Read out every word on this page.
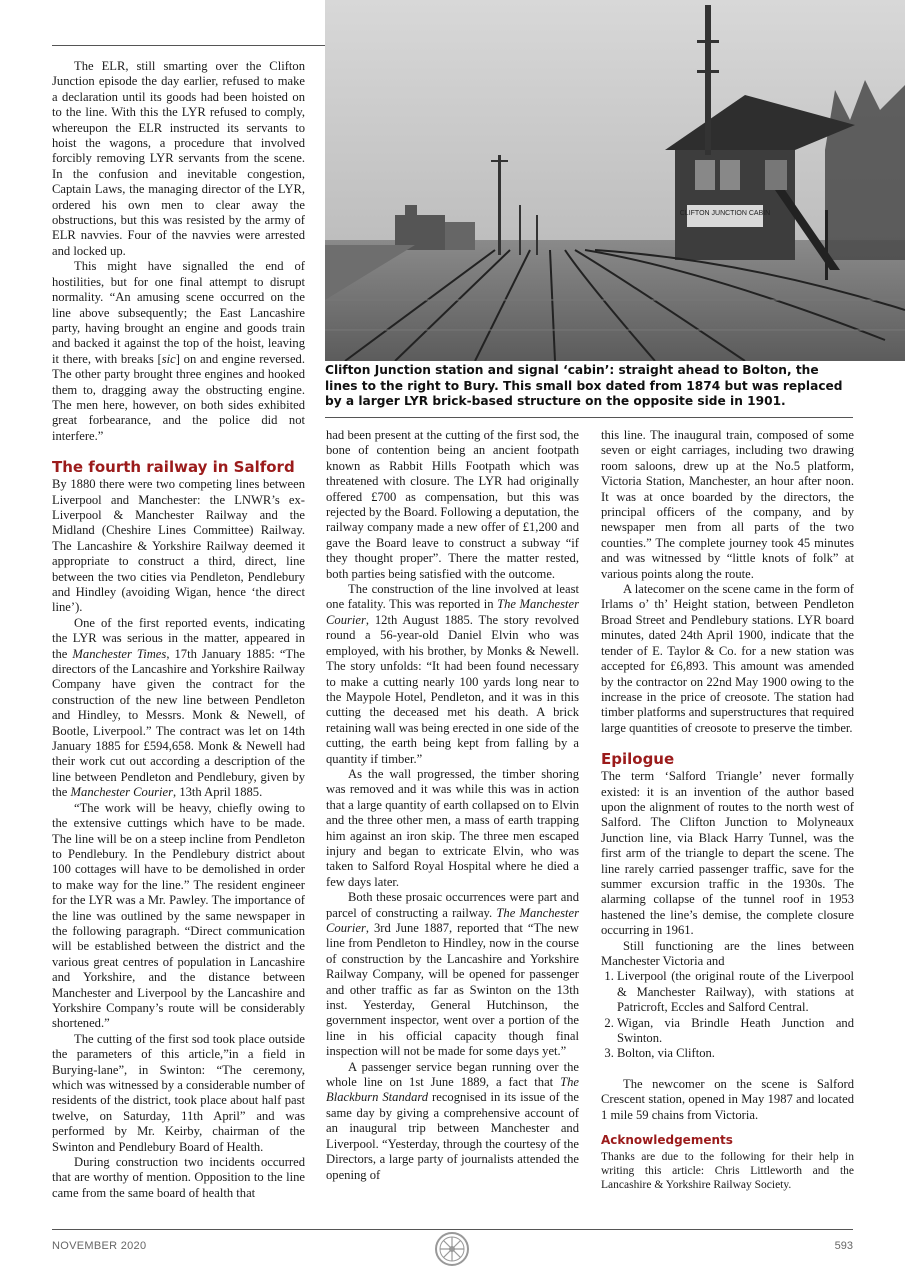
The ELR, still smarting over the Clifton Junction episode the day earlier, refused to make a declaration until its goods had been hoisted on to the line. With this the LYR refused to comply, whereupon the ELR instructed its servants to hoist the wagons, a procedure that involved forcibly removing LYR servants from the scene. In the confusion and inevitable congestion, Captain Laws, the managing director of the LYR, ordered his own men to clear away the obstructions, but this was resisted by the army of ELR navvies. Four of the navvies were arrested and locked up.

This might have signalled the end of hostilities, but for one final attempt to disrupt normality. “An amusing scene occurred on the line above subsequently; the East Lancashire party, having brought an engine and goods train and backed it against the top of the hoist, leaving it there, with breaks [sic] on and engine reversed. The other party brought three engines and hooked them to, dragging away the obstructing engine. The men here, however, on both sides exhibited great forbearance, and the police did not interfere.”

The fourth railway in Salford

By 1880 there were two competing lines between Liverpool and Manchester: the LNWR’s ex-Liverpool & Manchester Railway and the Midland (Cheshire Lines Committee) Railway. The Lancashire & Yorkshire Railway deemed it appropriate to construct a third, direct, line between the two cities via Pendleton, Pendlebury and Hindley (avoiding Wigan, hence ‘the direct line’).

One of the first reported events, indicating the LYR was serious in the matter, appeared in the Manchester Times, 17th January 1885: “The directors of the Lancashire and Yorkshire Railway Company have given the contract for the construction of the new line between Pendleton and Hindley, to Messrs. Monk & Newell, of Bootle, Liverpool.” The contract was let on 14th January 1885 for £594,658. Monk & Newell had their work cut out according a description of the line between Pendleton and Pendlebury, given by the Manchester Courier, 13th April 1885.

“The work will be heavy, chiefly owing to the extensive cuttings which have to be made. The line will be on a steep incline from Pendleton to Pendlebury. In the Pendlebury district about 100 cottages will have to be demolished in order to make way for the line.” The resident engineer for the LYR was a Mr. Pawley. The importance of the line was outlined by the same newspaper in the following paragraph. “Direct communication will be established between the district and the various great centres of population in Lancashire and Yorkshire, and the distance between Manchester and Liverpool by the Lancashire and Yorkshire Company’s route will be considerably shortened.”

The cutting of the first sod took place outside the parameters of this article,”in a field in Burying-lane”, in Swinton: “The ceremony, which was witnessed by a considerable number of residents of the district, took place about half past twelve, on Saturday, 11th April” and was performed by Mr. Keirby, chairman of the Swinton and Pendlebury Board of Health.

During construction two incidents occurred that are worthy of mention. Opposition to the line came from the same board of health that

CLIFTON JUNCTION CABIN
Clifton Junction station and signal ‘cabin’: straight ahead to Bolton, the lines to the right to Bury. This small box dated from 1874 but was replaced by a larger LYR brick-based structure on the opposite side in 1901.

had been present at the cutting of the first sod, the bone of contention being an ancient footpath known as Rabbit Hills Footpath which was threatened with closure. The LYR had originally offered £700 as compensation, but this was rejected by the Board. Following a deputation, the railway company made a new offer of £1,200 and gave the Board leave to construct a subway “if they thought proper”. There the matter rested, both parties being satisfied with the outcome.

The construction of the line involved at least one fatality. This was reported in The Manchester Courier, 12th August 1885. The story revolved round a 56-year-old Daniel Elvin who was employed, with his brother, by Monks & Newell. The story unfolds: “It had been found necessary to make a cutting nearly 100 yards long near to the Maypole Hotel, Pendleton, and it was in this cutting the deceased met his death. A brick retaining wall was being erected in one side of the cutting, the earth being kept from falling by a quantity if timber.”

As the wall progressed, the timber shoring was removed and it was while this was in action that a large quantity of earth collapsed on to Elvin and the three other men, a mass of earth trapping him against an iron skip. The three men escaped injury and began to extricate Elvin, who was taken to Salford Royal Hospital where he died a few days later.

Both these prosaic occurrences were part and parcel of constructing a railway. The Manchester Courier, 3rd June 1887, reported that “The new line from Pendleton to Hindley, now in the course of construction by the Lancashire and Yorkshire Railway Company, will be opened for passenger and other traffic as far as Swinton on the 13th inst. Yesterday, General Hutchinson, the government inspector, went over a portion of the line in his official capacity though final inspection will not be made for some days yet.”

A passenger service began running over the whole line on 1st June 1889, a fact that The Blackburn Standard recognised in its issue of the same day by giving a comprehensive account of an inaugural trip between Manchester and Liverpool. “Yesterday, through the courtesy of the Directors, a large party of journalists attended the opening of

this line. The inaugural train, composed of some seven or eight carriages, including two drawing room saloons, drew up at the No.5 platform, Victoria Station, Manchester, an hour after noon. It was at once boarded by the directors, the principal officers of the company, and by newspaper men from all parts of the two counties.” The complete journey took 45 minutes and was witnessed by “little knots of folk” at various points along the route.

A latecomer on the scene came in the form of Irlams o’ th’ Height station, between Pendleton Broad Street and Pendlebury stations. LYR board minutes, dated 24th April 1900, indicate that the tender of E. Taylor & Co. for a new station was accepted for £6,893. This amount was amended by the contractor on 22nd May 1900 owing to the increase in the price of creosote. The station had timber platforms and superstructures that required large quantities of creosote to preserve the timber.

Epilogue

The term ‘Salford Triangle’ never formally existed: it is an invention of the author based upon the alignment of routes to the north west of Salford. The Clifton Junction to Molyneaux Junction line, via Black Harry Tunnel, was the first arm of the triangle to depart the scene. The line rarely carried passenger traffic, save for the summer excursion traffic in the 1930s. The alarming collapse of the tunnel roof in 1953 hastened the line’s demise, the complete closure occurring in 1961.

Still functioning are the lines between Manchester Victoria and

1. Liverpool (the original route of the Liverpool & Manchester Railway), with stations at Patricroft, Eccles and Salford Central.
2. Wigan, via Brindle Heath Junction and Swinton.
3. Bolton, via Clifton.

The newcomer on the scene is Salford Crescent station, opened in May 1987 and located 1 mile 59 chains from Victoria.

Acknowledgements

Thanks are due to the following for their help in writing this article: Chris Littleworth and the Lancashire & Yorkshire Railway Society.

NOVEMBER 2020	593
